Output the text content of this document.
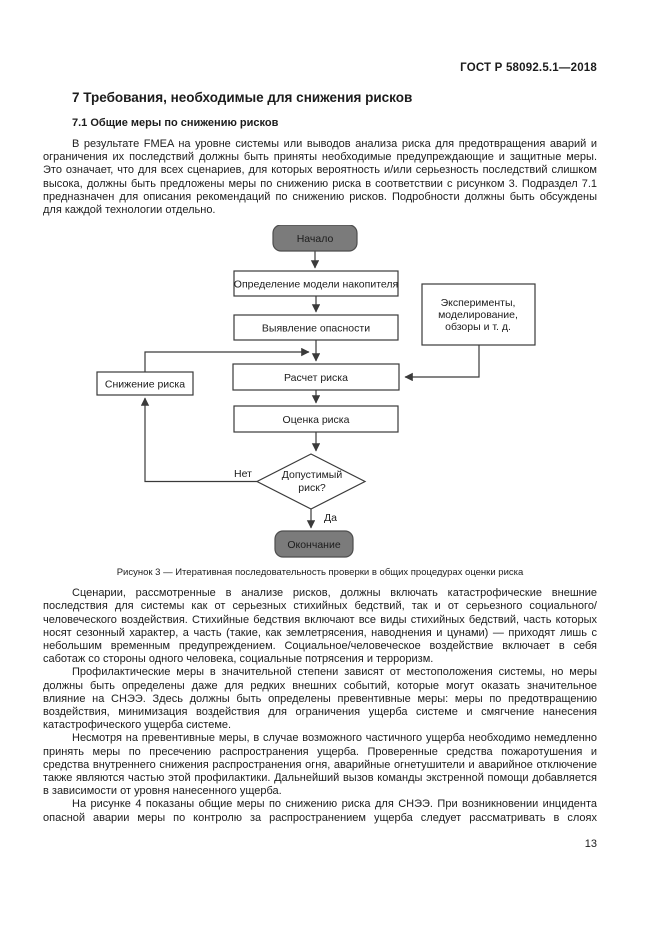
ГОСТ Р 58092.5.1—2018
7 Требования, необходимые для снижения рисков
7.1 Общие меры по снижению рисков

В результате FMEA на уровне системы или выводов анализа риска для предотвращения аварий и ограничения их последствий должны быть приняты необходимые предупреждающие и защитные меры. Это означает, что для всех сценариев, для которых вероятность и/или серьезность последствий слишком высока, должны быть предложены меры по снижению риска в соответствии с рисунком 3. Подраздел 7.1 предназначен для описания рекомендаций по снижению рисков. Подробности должны быть обсуждены для каждой технологии отдельно.

Начало
Определение модели накопителя
Выявление опасности
Эксперименты,
моделирование,
обзоры и т. д.
Расчет риска
Снижение риска
Оценка риска
Допустимый
риск?
Нет
Да
Окончание

Рисунок 3 — Итеративная последовательность проверки в общих процедурах оценки риска

Сценарии, рассмотренные в анализе рисков, должны включать катастрофические внешние последствия для системы как от серьезных стихийных бедствий, так и от серьезного социального/человеческого воздействия. Стихийные бедствия включают все виды стихийных бедствий, часть которых носят сезонный характер, а часть (такие, как землетрясения, наводнения и цунами) — приходят лишь с небольшим временным предупреждением. Социальное/человеческое воздействие включает в себя саботаж со стороны одного человека, социальные потрясения и терроризм.

Профилактические меры в значительной степени зависят от местоположения системы, но меры должны быть определены даже для редких внешних событий, которые могут оказать значительное влияние на СНЭЭ. Здесь должны быть определены превентивные меры: меры по предотвращению воздействия, минимизация воздействия для ограничения ущерба системе и смягчение нанесения катастрофического ущерба системе.

Несмотря на превентивные меры, в случае возможного частичного ущерба необходимо немедленно принять меры по пресечению распространения ущерба. Проверенные средства пожаротушения и средства внутреннего снижения распространения огня, аварийные огнетушители и аварийное отключение также являются частью этой профилактики. Дальнейший вызов команды экстренной помощи добавляется в зависимости от уровня нанесенного ущерба.

На рисунке 4 показаны общие меры по снижению риска для СНЭЭ. При возникновении инцидента опасной аварии меры по контролю за распространением ущерба следует рассматривать в слоях

13
